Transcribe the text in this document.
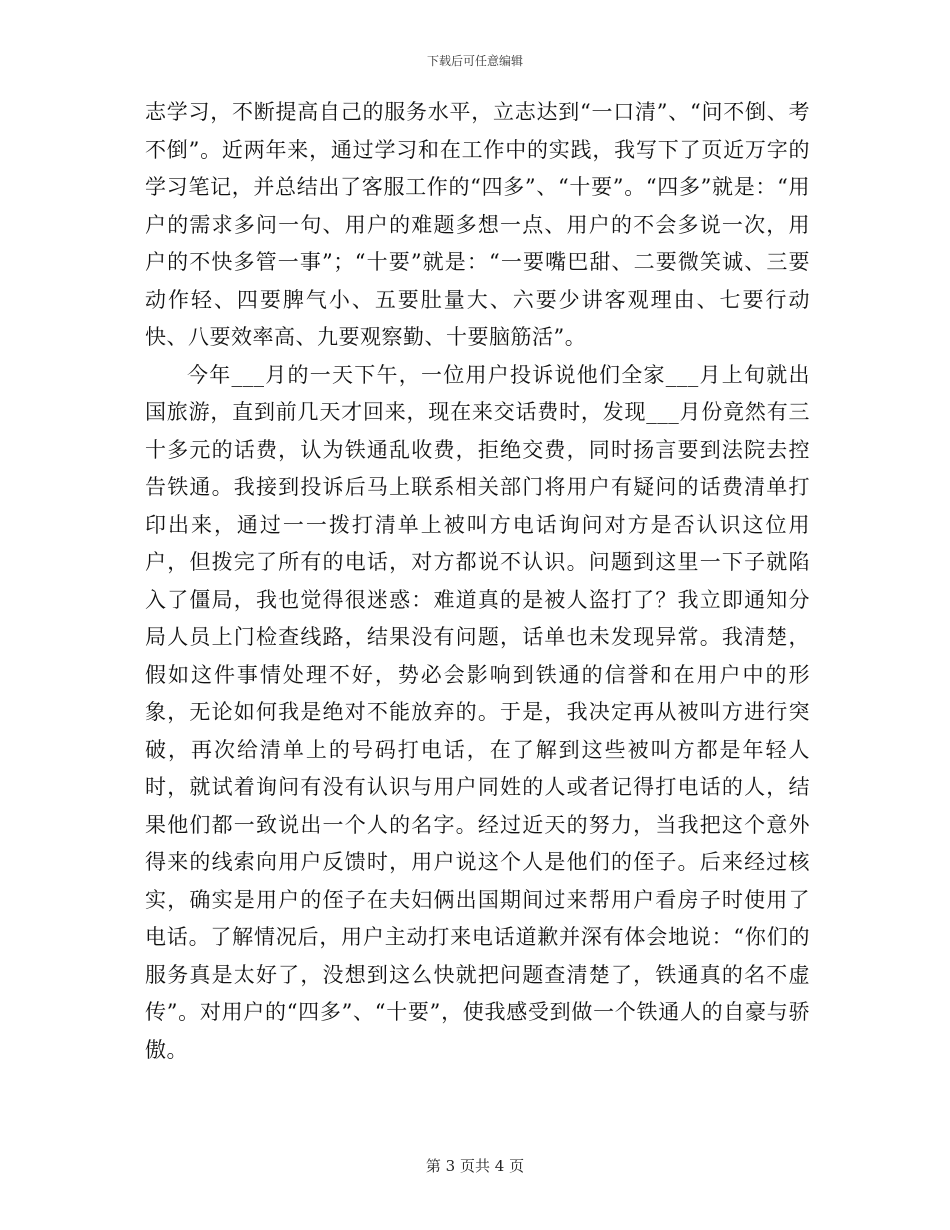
下载后可任意编辑

志学习，不断提高自己的服务水平，立志达到“一口清”、“问不倒、考不倒”。近两年来，通过学习和在工作中的实践，我写下了页近万字的学习笔记，并总结出了客服工作的“四多”、“十要”。“四多”就是：“用户的需求多问一句、用户的难题多想一点、用户的不会多说一次，用户的不快多管一事”；“十要”就是：“一要嘴巴甜、二要微笑诚、三要动作轻、四要脾气小、五要肚量大、六要少讲客观理由、七要行动快、八要效率高、九要观察勤、十要脑筋活”。

今年___月的一天下午，一位用户投诉说他们全家___月上旬就出国旅游，直到前几天才回来，现在来交话费时，发现___月份竟然有三十多元的话费，认为铁通乱收费，拒绝交费，同时扬言要到法院去控告铁通。我接到投诉后马上联系相关部门将用户有疑问的话费清单打印出来，通过一一拨打清单上被叫方电话询问对方是否认识这位用户，但拨完了所有的电话，对方都说不认识。问题到这里一下子就陷入了僵局，我也觉得很迷惑：难道真的是被人盗打了？我立即通知分局人员上门检查线路，结果没有问题，话单也未发现异常。我清楚，假如这件事情处理不好，势必会影响到铁通的信誉和在用户中的形象，无论如何我是绝对不能放弃的。于是，我决定再从被叫方进行突破，再次给清单上的号码打电话，在了解到这些被叫方都是年轻人时，就试着询问有没有认识与用户同姓的人或者记得打电话的人，结果他们都一致说出一个人的名字。经过近天的努力，当我把这个意外得来的线索向用户反馈时，用户说这个人是他们的侄子。后来经过核实，确实是用户的侄子在夫妇俩出国期间过来帮用户看房子时使用了电话。了解情况后，用户主动打来电话道歉并深有体会地说：“你们的服务真是太好了，没想到这么快就把问题查清楚了，铁通真的名不虚传”。对用户的“四多”、“十要”，使我感受到做一个铁通人的自豪与骄傲。

第 3 页共 4 页
